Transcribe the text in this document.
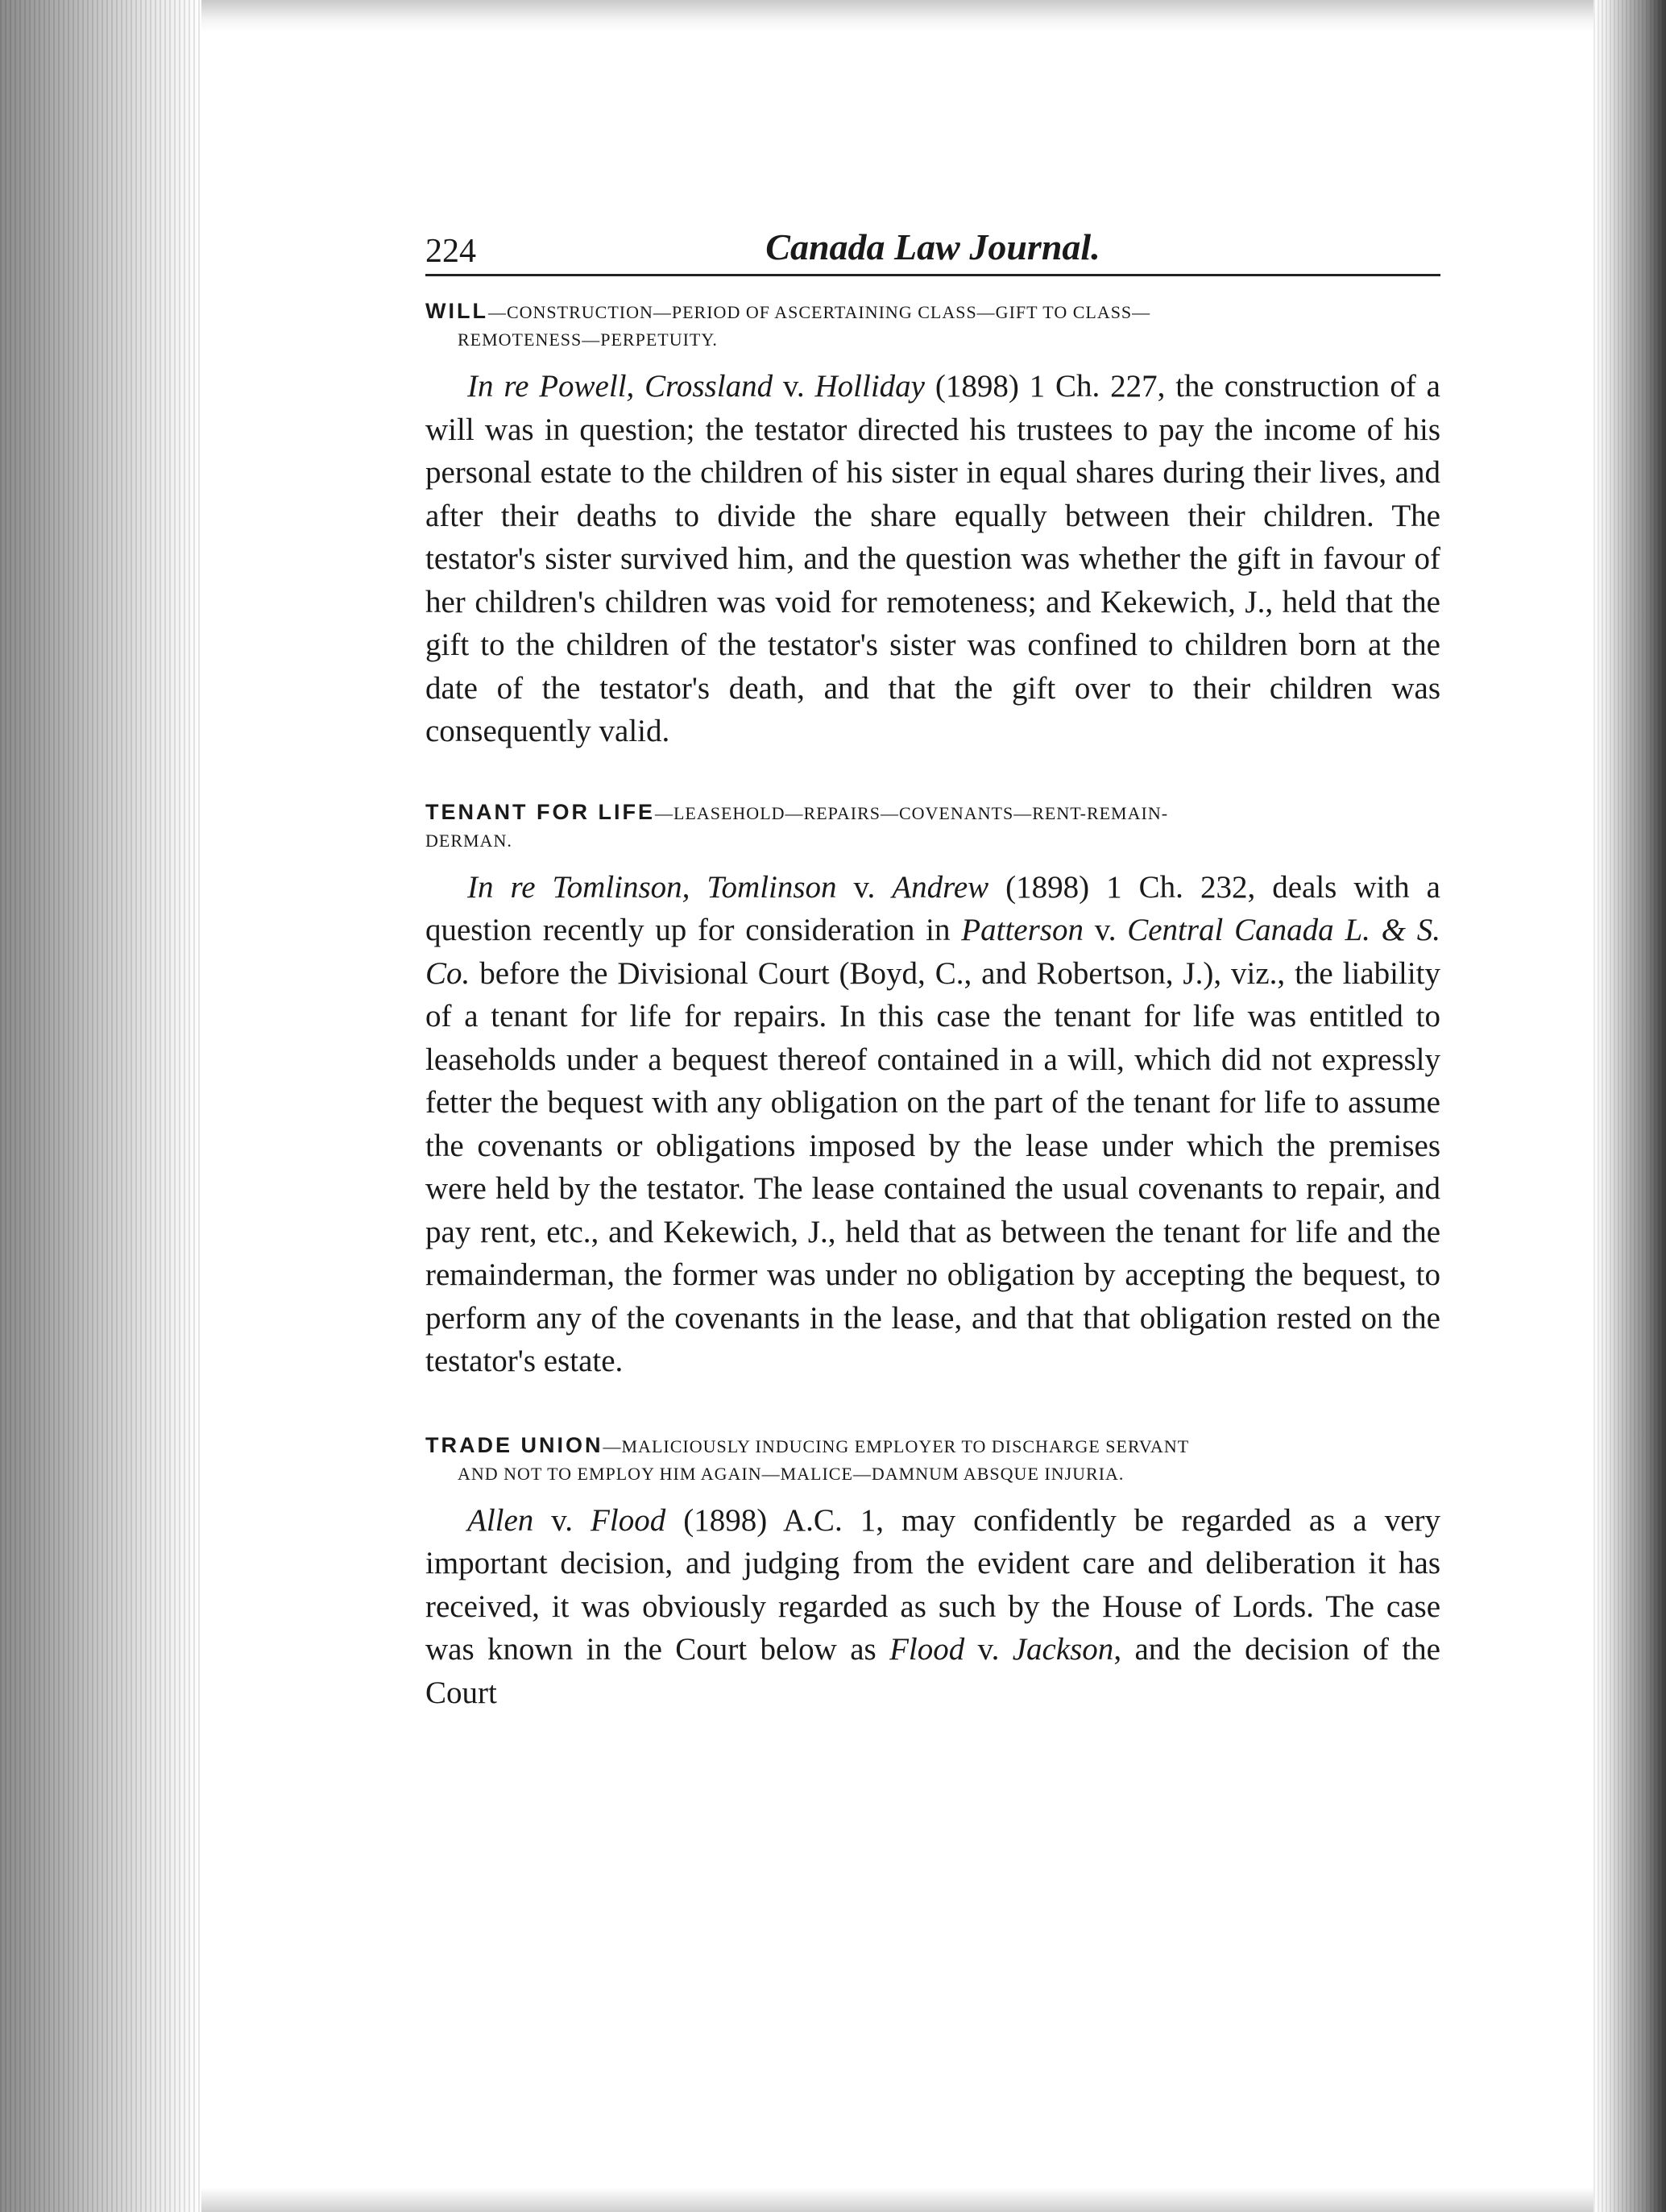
224	Canada Law Journal.
WILL—CONSTRUCTION—PERIOD OF ASCERTAINING CLASS—GIFT TO CLASS—
REMOTENESS—PERPETUITY.

In re Powell, Crossland v. Holliday (1898) 1 Ch. 227, the construction of a will was in question; the testator directed his trustees to pay the income of his personal estate to the children of his sister in equal shares during their lives, and after their deaths to divide the share equally between their children. The testator's sister survived him, and the question was whether the gift in favour of her children's children was void for remoteness; and Kekewich, J., held that the gift to the children of the testator's sister was confined to children born at the date of the testator's death, and that the gift over to their children was consequently valid.

TENANT FOR LIFE—LEASEHOLD—REPAIRS—COVENANTS—RENT-REMAIN-
DERMAN.

In re Tomlinson, Tomlinson v. Andrew (1898) 1 Ch. 232, deals with a question recently up for consideration in Patterson v. Central Canada L. & S. Co. before the Divisional Court (Boyd, C., and Robertson, J.), viz., the liability of a tenant for life for repairs. In this case the tenant for life was entitled to leaseholds under a bequest thereof contained in a will, which did not expressly fetter the bequest with any obligation on the part of the tenant for life to assume the covenants or obligations imposed by the lease under which the premises were held by the testator. The lease contained the usual covenants to repair, and pay rent, etc., and Kekewich, J., held that as between the tenant for life and the remainderman, the former was under no obligation by accepting the bequest, to perform any of the covenants in the lease, and that that obligation rested on the testator's estate.

TRADE UNION—MALICIOUSLY INDUCING EMPLOYER TO DISCHARGE SERVANT
AND NOT TO EMPLOY HIM AGAIN—MALICE—DAMNUM ABSQUE INJURIA.

Allen v. Flood (1898) A.C. 1, may confidently be regarded as a very important decision, and judging from the evident care and deliberation it has received, it was obviously regarded as such by the House of Lords. The case was known in the Court below as Flood v. Jackson, and the decision of the Court
